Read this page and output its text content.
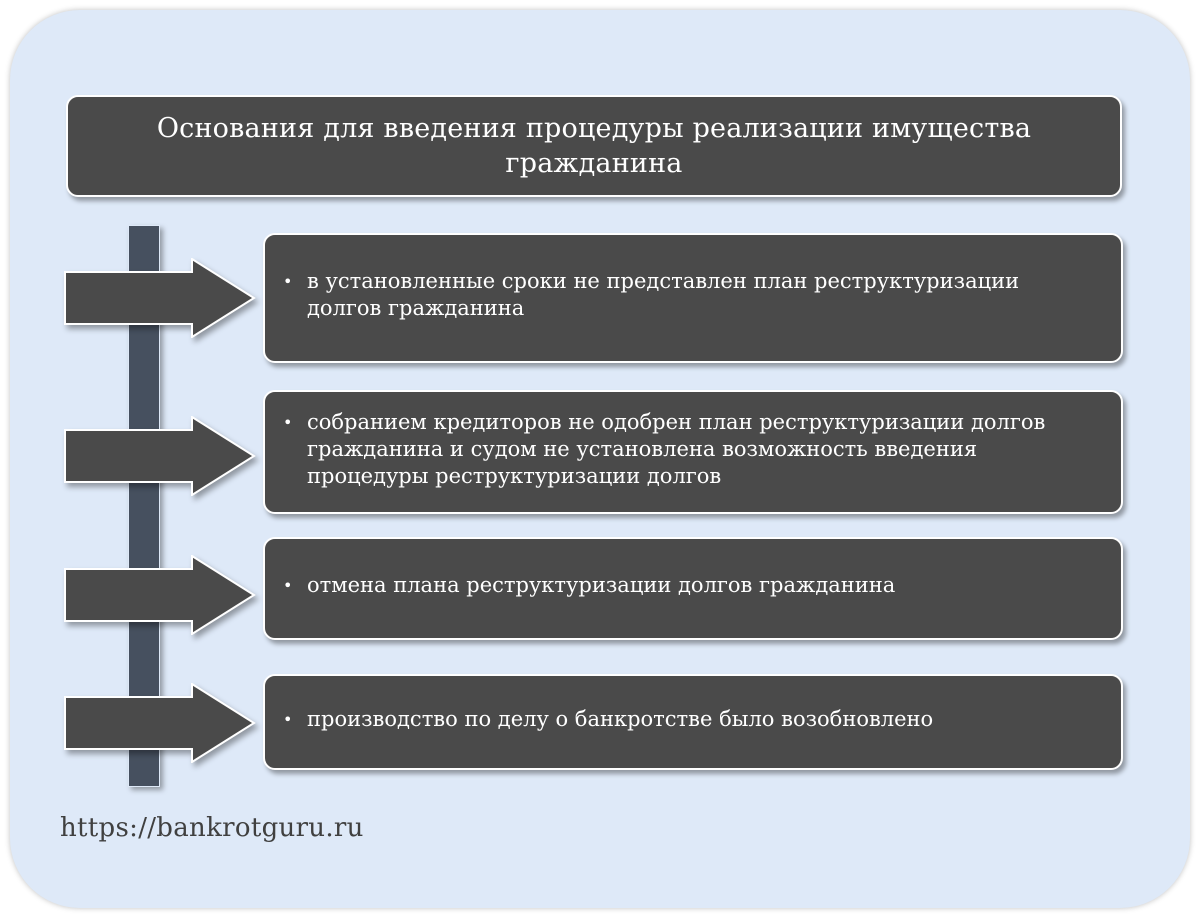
Основания для введения процедуры реализации имущества гражданина
• в установленные сроки не представлен план реструктуризации долгов гражданина
• собранием кредиторов не одобрен план реструктуризации долгов гражданина и судом не установлена возможность введения процедуры реструктуризации долгов
• отмена плана реструктуризации долгов гражданина
• производство по делу о банкротстве было возобновлено
https://bankrotguru.ru
